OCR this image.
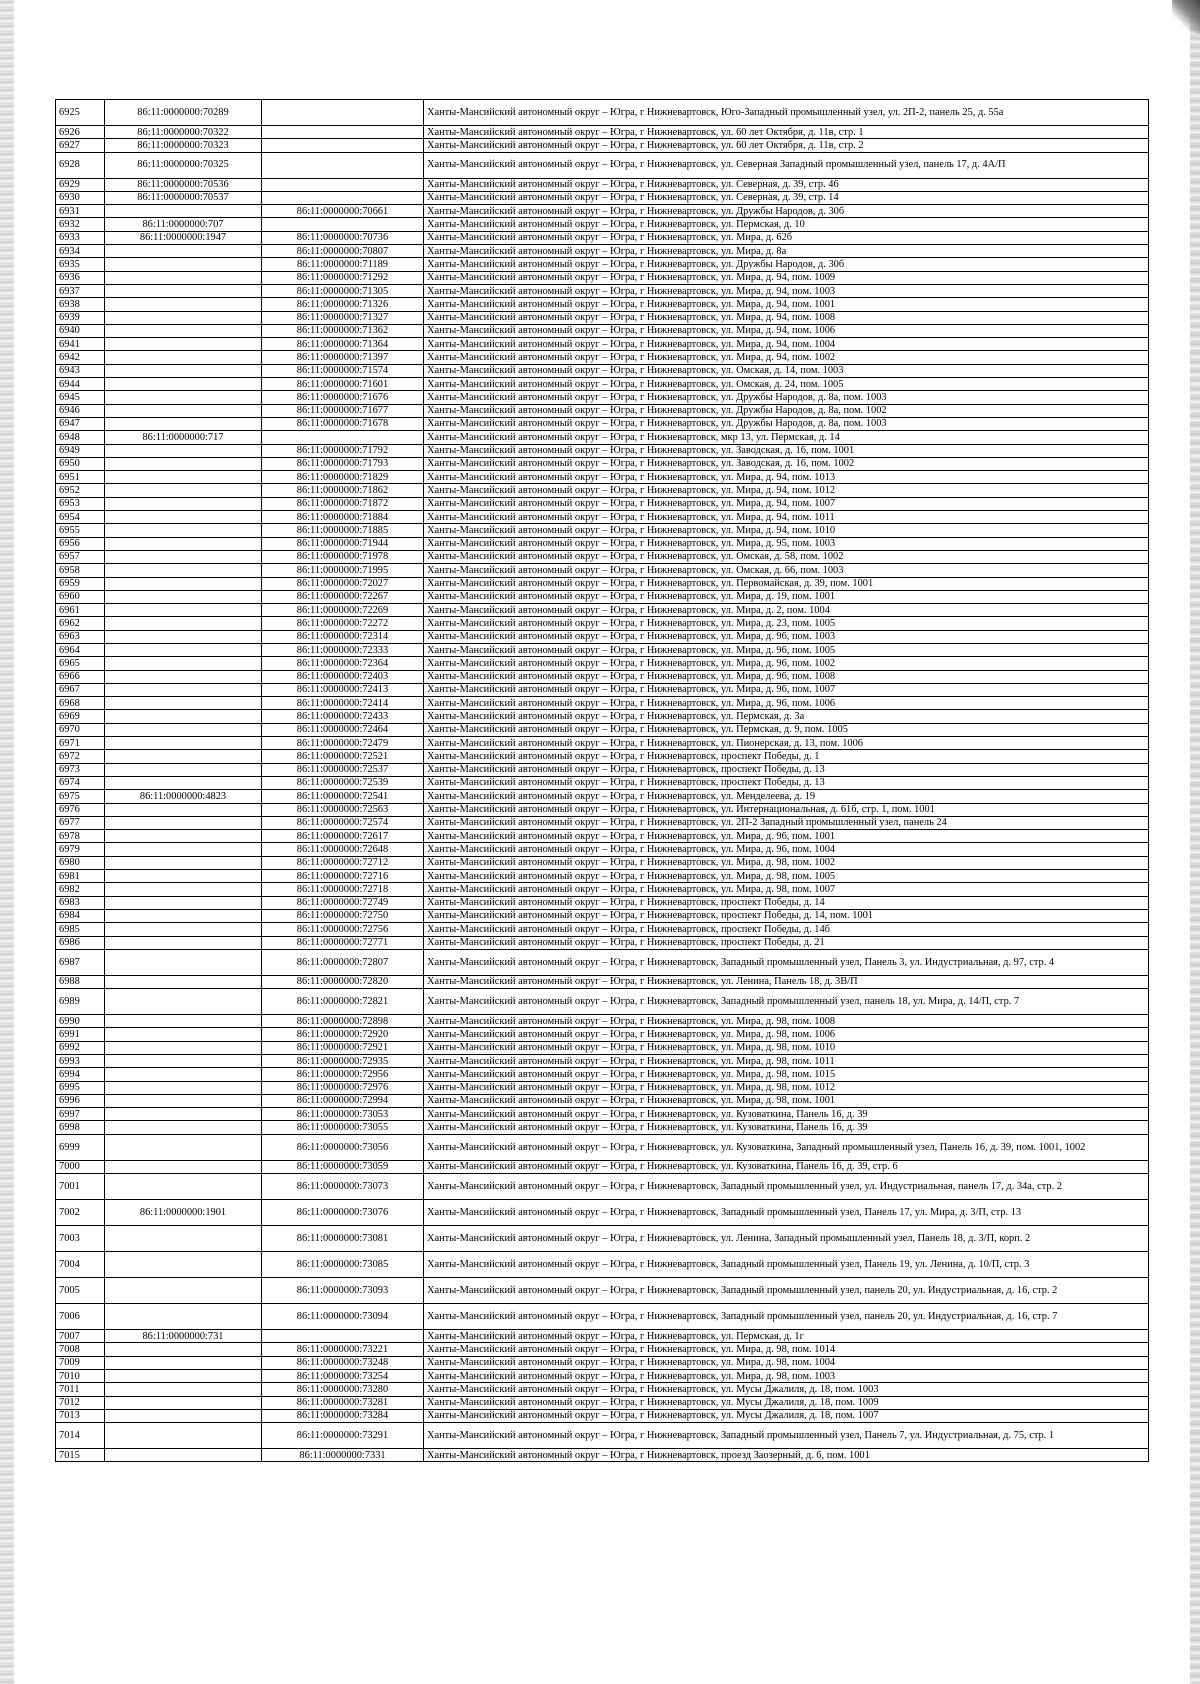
6925	86:11:0000000:70289		Ханты-Мансийский автономный округ – Югра, г Нижневартовск, Юго-Западный промышленный узел, ул. 2П-2, панель 25, д. 55а
6926	86:11:0000000:70322		Ханты-Мансийский автономный округ – Югра, г Нижневартовск, ул. 60 лет Октября, д. 11в, стр. 1
6927	86:11:0000000:70323		Ханты-Мансийский автономный округ – Югра, г Нижневартовск, ул. 60 лет Октября, д. 11в, стр. 2
6928	86:11:0000000:70325		Ханты-Мансийский автономный округ – Югра, г Нижневартовск, ул. Северная Западный промышленный узел, панель 17, д. 4А/П
6929	86:11:0000000:70536		Ханты-Мансийский автономный округ – Югра, г Нижневартовск, ул. Северная, д. 39, стр. 46
6930	86:11:0000000:70537		Ханты-Мансийский автономный округ – Югра, г Нижневартовск, ул. Северная, д. 39, стр. 14
6931		86:11:0000000:70661	Ханты-Мансийский автономный округ – Югра, г Нижневартовск, ул. Дружбы Народов, д. 30б
6932	86:11:0000000:707		Ханты-Мансийский автономный округ – Югра, г Нижневартовск, ул. Пермская, д. 10
6933	86:11:0000000:1947	86:11:0000000:70736	Ханты-Мансийский автономный округ – Югра, г Нижневартовск, ул. Мира, д. 62б
6934		86:11:0000000:70807	Ханты-Мансийский автономный округ – Югра, г Нижневартовск, ул. Мира, д. 8а
6935		86:11:0000000:71189	Ханты-Мансийский автономный округ – Югра, г Нижневартовск, ул. Дружбы Народов, д. 30б
6936		86:11:0000000:71292	Ханты-Мансийский автономный округ – Югра, г Нижневартовск, ул. Мира, д. 94, пом. 1009
6937		86:11:0000000:71305	Ханты-Мансийский автономный округ – Югра, г Нижневартовск, ул. Мира, д. 94, пом. 1003
6938		86:11:0000000:71326	Ханты-Мансийский автономный округ – Югра, г Нижневартовск, ул. Мира, д. 94, пом. 1001
6939		86:11:0000000:71327	Ханты-Мансийский автономный округ – Югра, г Нижневартовск, ул. Мира, д. 94, пом. 1008
6940		86:11:0000000:71362	Ханты-Мансийский автономный округ – Югра, г Нижневартовск, ул. Мира, д. 94, пом. 1006
6941		86:11:0000000:71364	Ханты-Мансийский автономный округ – Югра, г Нижневартовск, ул. Мира, д. 94, пом. 1004
6942		86:11:0000000:71397	Ханты-Мансийский автономный округ – Югра, г Нижневартовск, ул. Мира, д. 94, пом. 1002
6943		86:11:0000000:71574	Ханты-Мансийский автономный округ – Югра, г Нижневартовск, ул. Омская, д. 14, пом. 1003
6944		86:11:0000000:71601	Ханты-Мансийский автономный округ – Югра, г Нижневартовск, ул. Омская, д. 24, пом. 1005
6945		86:11:0000000:71676	Ханты-Мансийский автономный округ – Югра, г Нижневартовск, ул. Дружбы Народов, д. 8а, пом. 1003
6946		86:11:0000000:71677	Ханты-Мансийский автономный округ – Югра, г Нижневартовск, ул. Дружбы Народов, д. 8а, пом. 1002
6947		86:11:0000000:71678	Ханты-Мансийский автономный округ – Югра, г Нижневартовск, ул. Дружбы Народов, д. 8а, пом. 1003
6948	86:11:0000000:717		Ханты-Мансийский автономный округ – Югра, г Нижневартовск, мкр 13, ул. Пермская, д. 14
6949		86:11:0000000:71792	Ханты-Мансийский автономный округ – Югра, г Нижневартовск, ул. Заводская, д. 16, пом. 1001
6950		86:11:0000000:71793	Ханты-Мансийский автономный округ – Югра, г Нижневартовск, ул. Заводская, д. 16, пом. 1002
6951		86:11:0000000:71829	Ханты-Мансийский автономный округ – Югра, г Нижневартовск, ул. Мира, д. 94, пом. 1013
6952		86:11:0000000:71862	Ханты-Мансийский автономный округ – Югра, г Нижневартовск, ул. Мира, д. 94, пом. 1012
6953		86:11:0000000:71872	Ханты-Мансийский автономный округ – Югра, г Нижневартовск, ул. Мира, д. 94, пом. 1007
6954		86:11:0000000:71884	Ханты-Мансийский автономный округ – Югра, г Нижневартовск, ул. Мира, д. 94, пом. 1011
6955		86:11:0000000:71885	Ханты-Мансийский автономный округ – Югра, г Нижневартовск, ул. Мира, д. 94, пом. 1010
6956		86:11:0000000:71944	Ханты-Мансийский автономный округ – Югра, г Нижневартовск, ул. Мира, д. 95, пом. 1003
6957		86:11:0000000:71978	Ханты-Мансийский автономный округ – Югра, г Нижневартовск, ул. Омская, д. 58, пом. 1002
6958		86:11:0000000:71995	Ханты-Мансийский автономный округ – Югра, г Нижневартовск, ул. Омская, д. 66, пом. 1003
6959		86:11:0000000:72027	Ханты-Мансийский автономный округ – Югра, г Нижневартовск, ул. Первомайская, д. 39, пом. 1001
6960		86:11:0000000:72267	Ханты-Мансийский автономный округ – Югра, г Нижневартовск, ул. Мира, д. 19, пом. 1001
6961		86:11:0000000:72269	Ханты-Мансийский автономный округ – Югра, г Нижневартовск, ул. Мира, д. 2, пом. 1004
6962		86:11:0000000:72272	Ханты-Мансийский автономный округ – Югра, г Нижневартовск, ул. Мира, д. 23, пом. 1005
6963		86:11:0000000:72314	Ханты-Мансийский автономный округ – Югра, г Нижневартовск, ул. Мира, д. 96, пом. 1003
6964		86:11:0000000:72333	Ханты-Мансийский автономный округ – Югра, г Нижневартовск, ул. Мира, д. 96, пом. 1005
6965		86:11:0000000:72364	Ханты-Мансийский автономный округ – Югра, г Нижневартовск, ул. Мира, д. 96, пом. 1002
6966		86:11:0000000:72403	Ханты-Мансийский автономный округ – Югра, г Нижневартовск, ул. Мира, д. 96, пом. 1008
6967		86:11:0000000:72413	Ханты-Мансийский автономный округ – Югра, г Нижневартовск, ул. Мира, д. 96, пом. 1007
6968		86:11:0000000:72414	Ханты-Мансийский автономный округ – Югра, г Нижневартовск, ул. Мира, д. 96, пом. 1006
6969		86:11:0000000:72433	Ханты-Мансийский автономный округ – Югра, г Нижневартовск, ул. Пермская, д. 3а
6970		86:11:0000000:72464	Ханты-Мансийский автономный округ – Югра, г Нижневартовск, ул. Пермская, д. 9, пом. 1005
6971		86:11:0000000:72479	Ханты-Мансийский автономный округ – Югра, г Нижневартовск, ул. Пионерская, д. 13, пом. 1006
6972		86:11:0000000:72521	Ханты-Мансийский автономный округ – Югра, г Нижневартовск, проспект Победы, д. 1
6973		86:11:0000000:72537	Ханты-Мансийский автономный округ – Югра, г Нижневартовск, проспект Победы, д. 13
6974		86:11:0000000:72539	Ханты-Мансийский автономный округ – Югра, г Нижневартовск, проспект Победы, д. 13
6975	86:11:0000000:4823	86:11:0000000:72541	Ханты-Мансийский автономный округ – Югра, г Нижневартовск, ул. Менделеева, д. 19
6976		86:11:0000000:72563	Ханты-Мансийский автономный округ – Югра, г Нижневартовск, ул. Интернациональная, д. 61б, стр. 1, пом. 1001
6977		86:11:0000000:72574	Ханты-Мансийский автономный округ – Югра, г Нижневартовск, ул. 2П-2 Западный промышленный узел, панель 24
6978		86:11:0000000:72617	Ханты-Мансийский автономный округ – Югра, г Нижневартовск, ул. Мира, д. 96, пом. 1001
6979		86:11:0000000:72648	Ханты-Мансийский автономный округ – Югра, г Нижневартовск, ул. Мира, д. 96, пом. 1004
6980		86:11:0000000:72712	Ханты-Мансийский автономный округ – Югра, г Нижневартовск, ул. Мира, д. 98, пом. 1002
6981		86:11:0000000:72716	Ханты-Мансийский автономный округ – Югра, г Нижневартовск, ул. Мира, д. 98, пом. 1005
6982		86:11:0000000:72718	Ханты-Мансийский автономный округ – Югра, г Нижневартовск, ул. Мира, д. 98, пом. 1007
6983		86:11:0000000:72749	Ханты-Мансийский автономный округ – Югра, г Нижневартовск, проспект Победы, д. 14
6984		86:11:0000000:72750	Ханты-Мансийский автономный округ – Югра, г Нижневартовск, проспект Победы, д. 14, пом. 1001
6985		86:11:0000000:72756	Ханты-Мансийский автономный округ – Югра, г Нижневартовск, проспект Победы, д. 14б
6986		86:11:0000000:72771	Ханты-Мансийский автономный округ – Югра, г Нижневартовск, проспект Победы, д. 21
6987		86:11:0000000:72807	Ханты-Мансийский автономный округ – Югра, г Нижневартовск, Западный промышленный узел, Панель 3, ул. Индустриальная, д. 97, стр. 4
6988		86:11:0000000:72820	Ханты-Мансийский автономный округ – Югра, г Нижневартовск, ул. Ленина, Панель 18, д. 3В/П
6989		86:11:0000000:72821	Ханты-Мансийский автономный округ – Югра, г Нижневартовск, Западный промышленный узел, панель 18, ул. Мира, д. 14/П, стр. 7
6990		86:11:0000000:72898	Ханты-Мансийский автономный округ – Югра, г Нижневартовск, ул. Мира, д. 98, пом. 1008
6991		86:11:0000000:72920	Ханты-Мансийский автономный округ – Югра, г Нижневартовск, ул. Мира, д. 98, пом. 1006
6992		86:11:0000000:72921	Ханты-Мансийский автономный округ – Югра, г Нижневартовск, ул. Мира, д. 98, пом. 1010
6993		86:11:0000000:72935	Ханты-Мансийский автономный округ – Югра, г Нижневартовск, ул. Мира, д. 98, пом. 1011
6994		86:11:0000000:72956	Ханты-Мансийский автономный округ – Югра, г Нижневартовск, ул. Мира, д. 98, пом. 1015
6995		86:11:0000000:72976	Ханты-Мансийский автономный округ – Югра, г Нижневартовск, ул. Мира, д. 98, пом. 1012
6996		86:11:0000000:72994	Ханты-Мансийский автономный округ – Югра, г Нижневартовск, ул. Мира, д. 98, пом. 1001
6997		86:11:0000000:73053	Ханты-Мансийский автономный округ – Югра, г Нижневартовск, ул. Кузоваткина, Панель 16, д. 39
6998		86:11:0000000:73055	Ханты-Мансийский автономный округ – Югра, г Нижневартовск, ул. Кузоваткина, Панель 16, д. 39
6999		86:11:0000000:73056	Ханты-Мансийский автономный округ – Югра, г Нижневартовск, ул. Кузоваткина, Западный промышленный узел, Панель 16, д. 39, пом. 1001, 1002
7000		86:11:0000000:73059	Ханты-Мансийский автономный округ – Югра, г Нижневартовск, ул. Кузоваткина, Панель 16, д. 39, стр. 6
7001		86:11:0000000:73073	Ханты-Мансийский автономный округ – Югра, г Нижневартовск, Западный промышленный узел, ул. Индустриальная, панель 17, д. 34а, стр. 2
7002	86:11:0000000:1901	86:11:0000000:73076	Ханты-Мансийский автономный округ – Югра, г Нижневартовск, Западный промышленный узел, Панель 17, ул. Мира, д. 3/П, стр. 13
7003		86:11:0000000:73081	Ханты-Мансийский автономный округ – Югра, г Нижневартовск, ул. Ленина, Западный промышленный узел, Панель 18, д. 3/П, корп. 2
7004		86:11:0000000:73085	Ханты-Мансийский автономный округ – Югра, г Нижневартовск, Западный промышленный узел, Панель 19, ул. Ленина, д. 10/П, стр. 3
7005		86:11:0000000:73093	Ханты-Мансийский автономный округ – Югра, г Нижневартовск, Западный промышленный узел, панель 20, ул. Индустриальная, д. 16, стр. 2
7006		86:11:0000000:73094	Ханты-Мансийский автономный округ – Югра, г Нижневартовск, Западный промышленный узел, панель 20, ул. Индустриальная, д. 16, стр. 7
7007	86:11:0000000:731		Ханты-Мансийский автономный округ – Югра, г Нижневартовск, ул. Пермская, д. 1г
7008		86:11:0000000:73221	Ханты-Мансийский автономный округ – Югра, г Нижневартовск, ул. Мира, д. 98, пом. 1014
7009		86:11:0000000:73248	Ханты-Мансийский автономный округ – Югра, г Нижневартовск, ул. Мира, д. 98, пом. 1004
7010		86:11:0000000:73254	Ханты-Мансийский автономный округ – Югра, г Нижневартовск, ул. Мира, д. 98, пом. 1003
7011		86:11:0000000:73280	Ханты-Мансийский автономный округ – Югра, г Нижневартовск, ул. Мусы Джалиля, д. 18, пом. 1003
7012		86:11:0000000:73281	Ханты-Мансийский автономный округ – Югра, г Нижневартовск, ул. Мусы Джалиля, д. 18, пом. 1009
7013		86:11:0000000:73284	Ханты-Мансийский автономный округ – Югра, г Нижневартовск, ул. Мусы Джалиля, д. 18, пом. 1007
7014		86:11:0000000:73291	Ханты-Мансийский автономный округ – Югра, г Нижневартовск, Западный промышленный узел, Панель 7, ул. Индустриальная, д. 75, стр. 1
7015		86:11:0000000:7331	Ханты-Мансийский автономный округ – Югра, г Нижневартовск, проезд Заозерный, д. 6, пом. 1001
